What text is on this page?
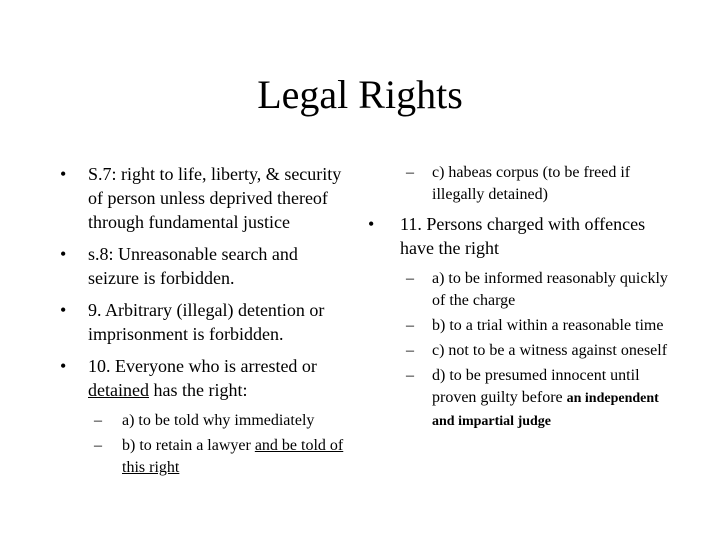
Legal Rights
• S.7: right to life, liberty, & security of person unless deprived thereof through fundamental justice
• s.8: Unreasonable search and seizure is forbidden.
• 9. Arbitrary (illegal) detention or imprisonment is forbidden.
• 10. Everyone who is arrested or detained has the right:
– a) to be told why immediately
– b) to retain a lawyer and be told of this right
– c) habeas corpus (to be freed if illegally detained)
• 11. Persons charged with offences have the right
– a) to be informed reasonably quickly of the charge
– b) to a trial within a reasonable time
– c) not to be a witness against oneself
– d) to be presumed innocent until proven guilty before an independent and impartial judge
